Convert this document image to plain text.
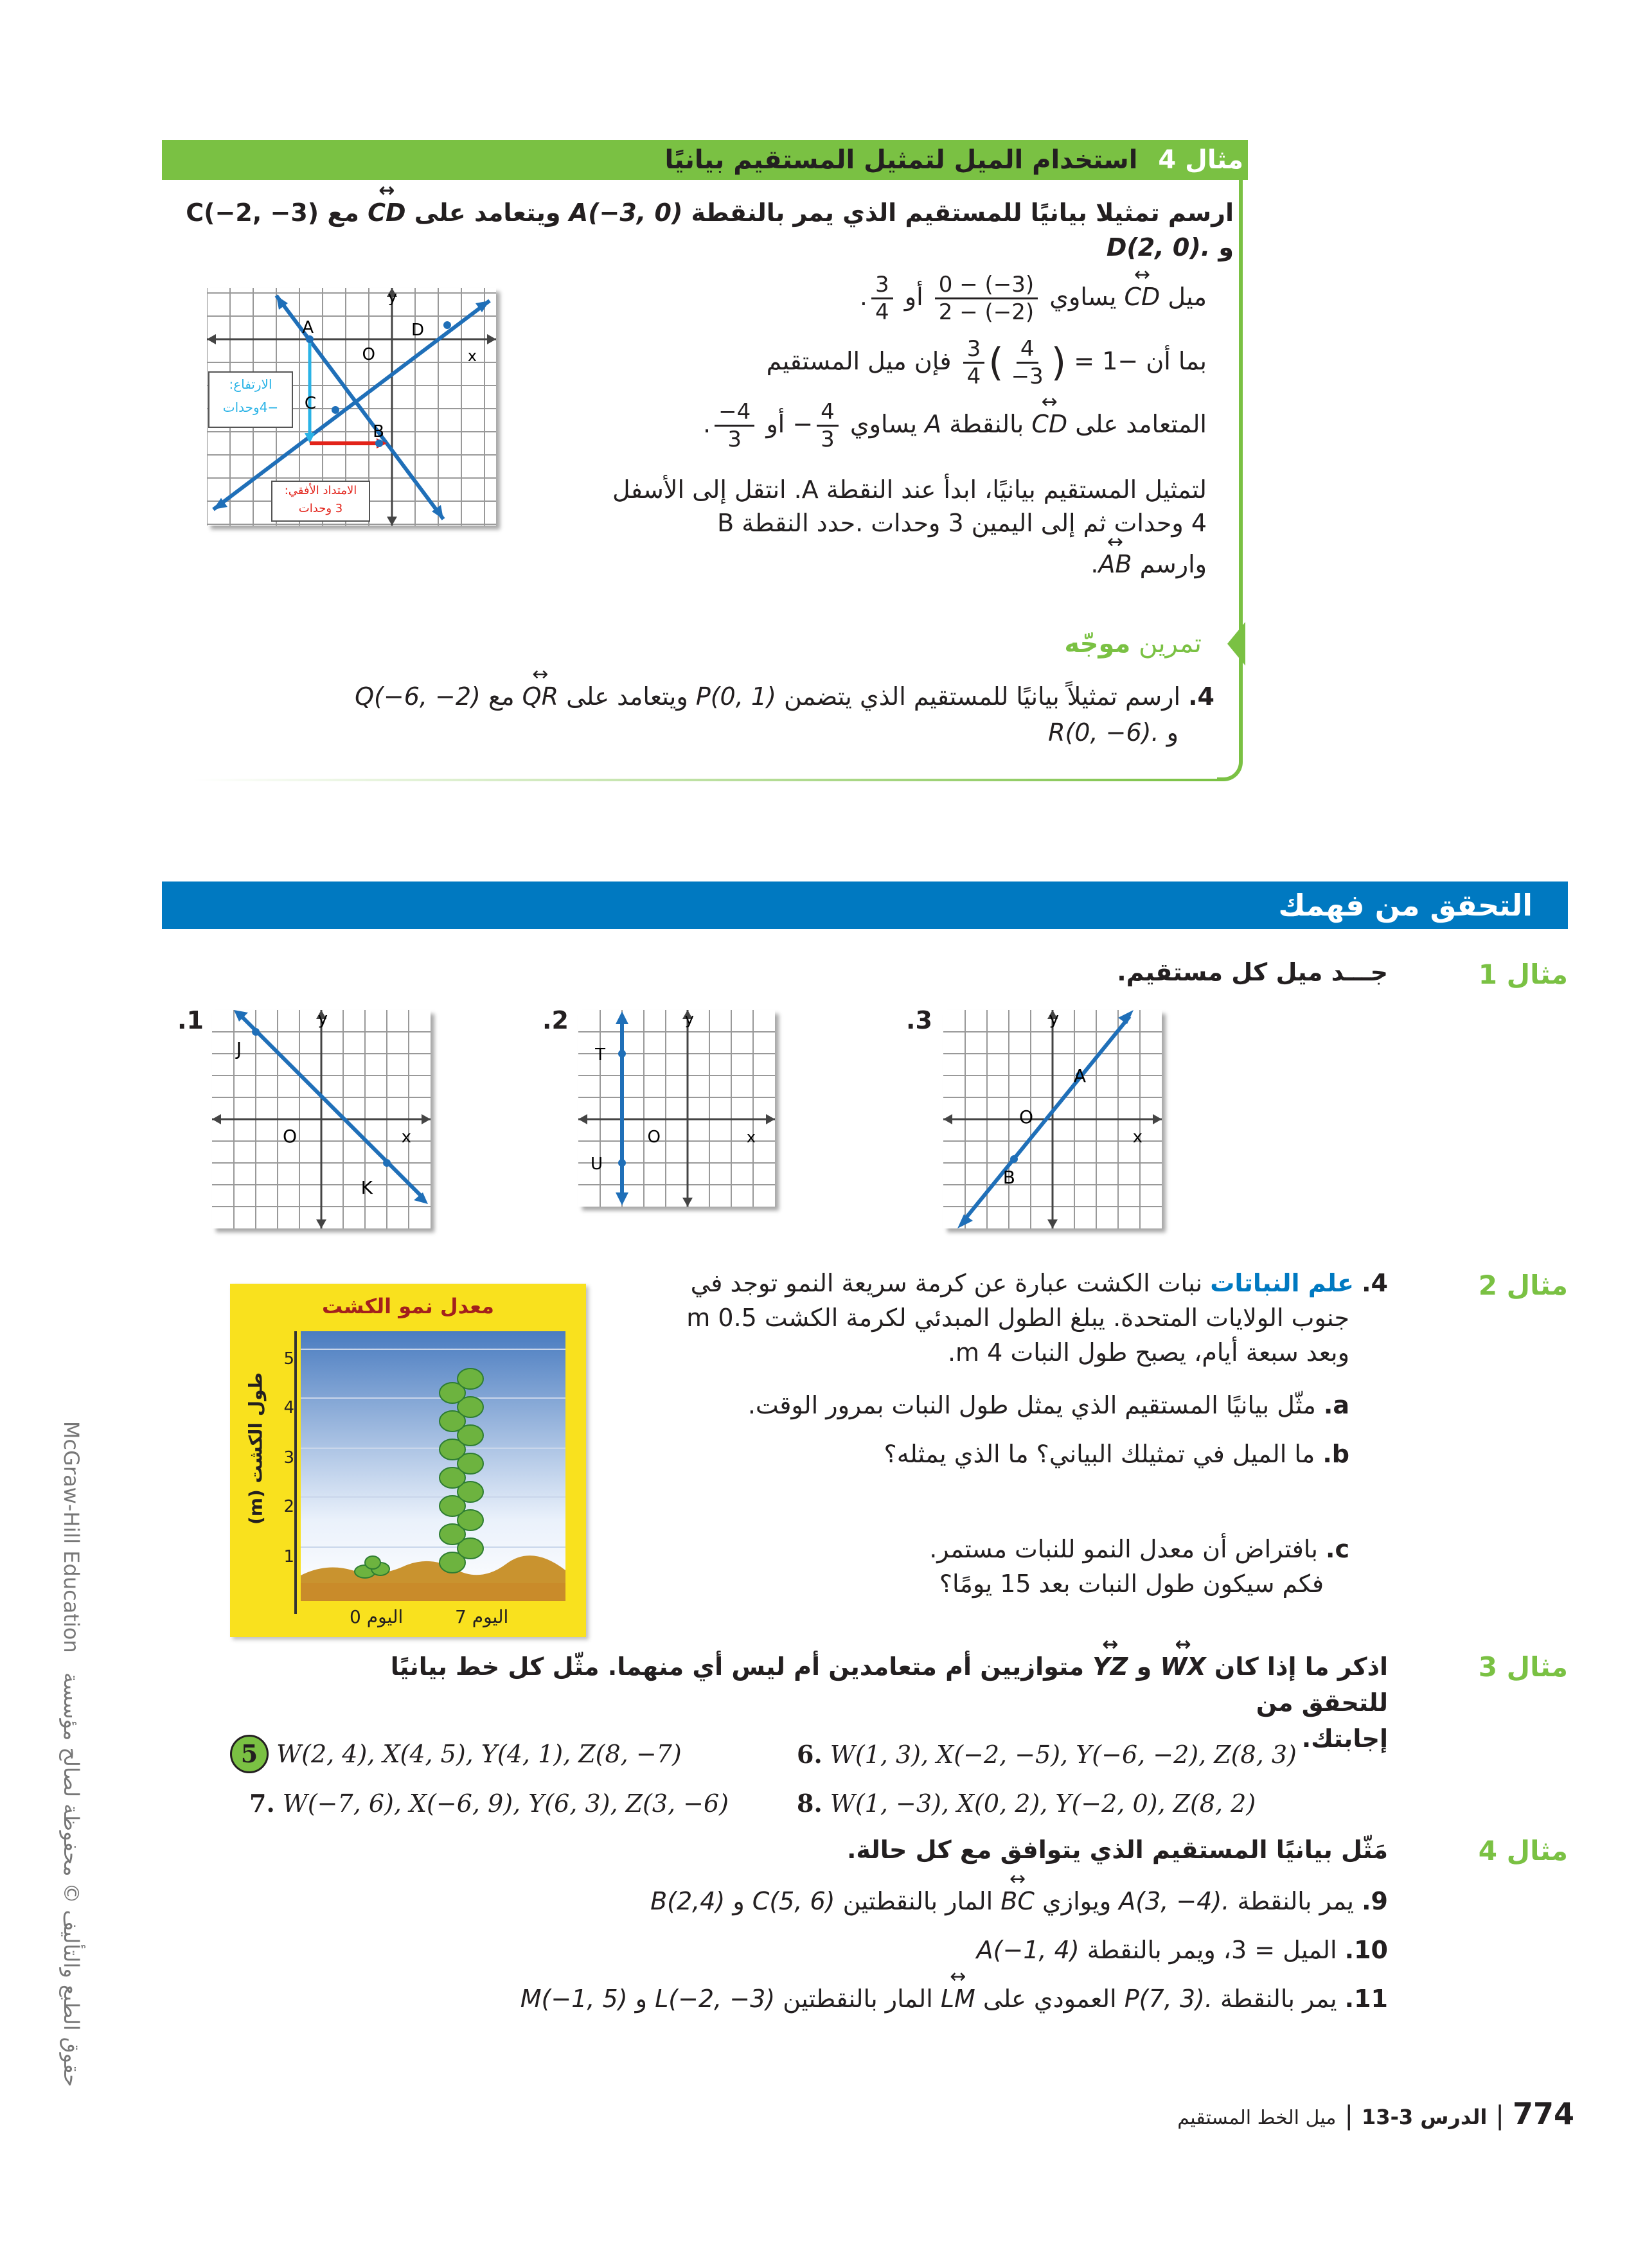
مثال 4 استخدام الميل لتمثيل المستقيم بيانيًا
ارسم تمثيلا بيانيًا للمستقيم الذي يمر بالنقطة A(−3, 0) ويتعامد على ↔ CD مع C(−2, −3) و D(2, 0).
ميل ↔ CD يساوي
$\frac{0 - (-3)}{2 - (-2)}$
أو
$\frac{3}{4}$
.
بما أن −1 =
$\frac{3}{4}$ ( $\frac{4}{-3}$ ) فإن ميل المستقيم
المتعامد على ↔ CD بالنقطة A يساوي − $\frac{4}{3}$
أو
$\frac{-4}{3}$
.
لتمثيل المستقيم بيانيًا، ابدأ عند النقطة A. انتقل إلى الأسفل
4 وحدات ثم إلى اليمين 3 وحدات .حدد النقطة B
وارسم ↔ AB.
A
B
C
D
O	x
y
الارتفاع:
−4وحدات
الامتداد الأفقي:
3 وحدات
تمرين موجّه
4. ارسم تمثيلاً بيانيًا للمستقيم الذي يتضمن P(0, 1) ويتعامد على ↔ QR مع Q(−6, −2)
و R(0, −6).
التحقق من فهمك
مثال 1
جـــد ميل كل مستقيم.
1.
J
K
O	x
y	2.
T
U
O	x
y	3.
A
B
O
x
y
مثال 2
4. علم النباتات نبات الكشت عبارة عن كرمة سريعة النمو توجد في
جنوب الولايات المتحدة. يبلغ الطول المبدئي لكرمة الكشت 0.5 m
وبعد سبعة أيام، يصبح طول النبات 4 m.
a. مثّل بيانيًا المستقيم الذي يمثل طول النبات بمرور الوقت.
b. ما الميل في تمثيلك البياني؟ ما الذي يمثله؟
c. بافتراض أن معدل النمو للنبات مستمر.
فكم سيكون طول النبات بعد 15 يومًا؟
معدل نمو الكشت
1
2
3
4
5
طول الكشت (m)
اليوم 0	اليوم 7
مثال 3
اذكر ما إذا كان ↔ WX و ↔ YZ متوازيين أم متعامدين أم ليس أي منهما. مثّل كل خط بيانيًا للتحقق من
إجابتك.
5 W(2, 4), X(4, 5), Y(4, 1), Z(8, −7)	6. W(1, 3), X(−2, −5), Y(−6, −2), Z(8, 3)
7. W(−7, 6), X(−6, 9), Y(6, 3), Z(3, −6)	8. W(1, −3), X(0, 2), Y(−2, 0), Z(8, 2)
مثال 4
مَثّل بيانيًا المستقيم الذي يتوافق مع كل حالة.
9. يمر بالنقطة A(3, −4). ويوازي ↔ BC المار بالنقطتين C(5, 6) و B(2,4)
10. الميل = 3، ويمر بالنقطة A(−1, 4)
11. يمر بالنقطة P(7, 3). العمودي على ↔ LM المار بالنقطتين L(−2, −3) و M(−1, 5)
McGraw-Hill Education   حقوق الطبع والتأليف © محفوظة لصالح مؤسسة
774 | الدرس 3-13 | ميل الخط المستقيم
